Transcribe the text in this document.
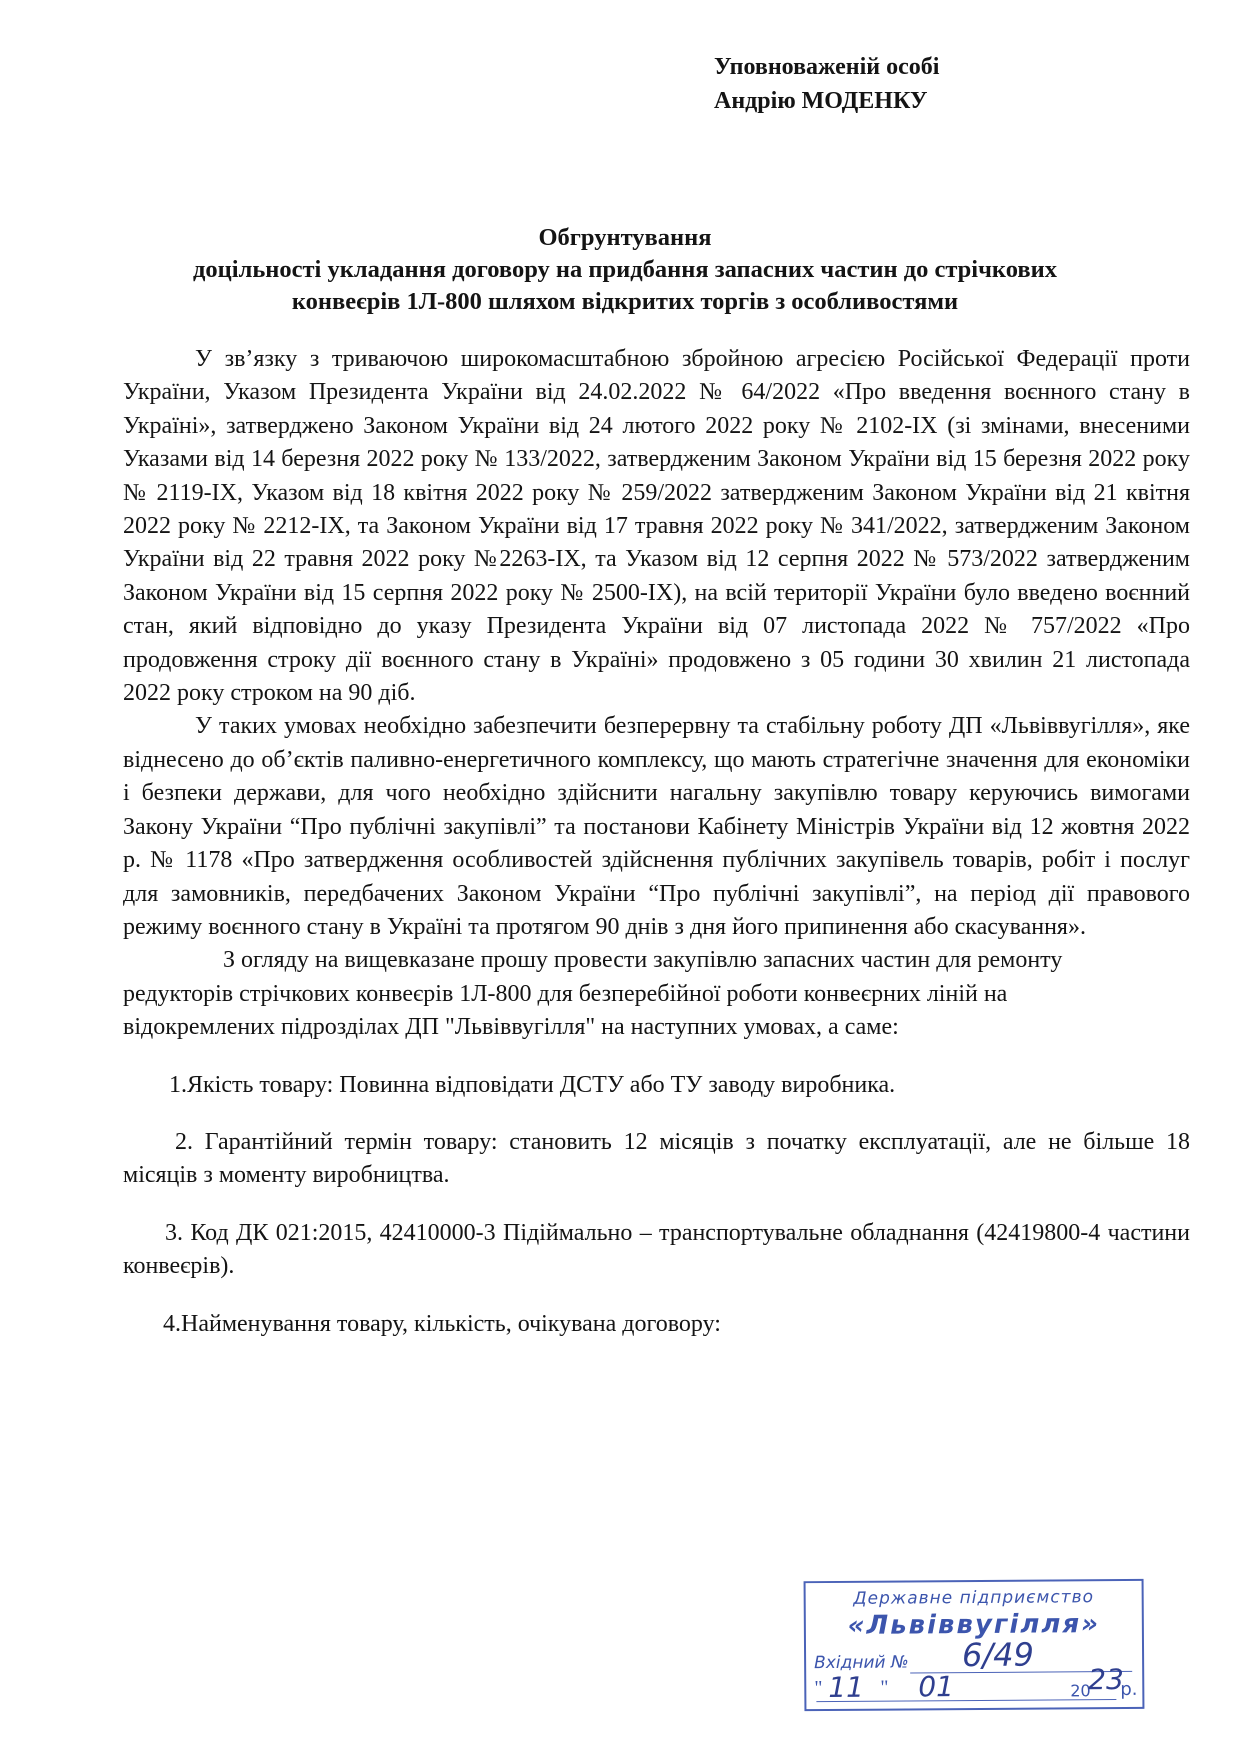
Уповноваженій особі
Андрію МОДЕНКУ
Обгрунтування
доцільності укладання договору на придбання запасних частин до стрічкових
конвеєрів 1Л-800 шляхом відкритих торгів з особливостями

У зв’язку з триваючою широкомасштабною збройною агресією Російської Федерації проти України, Указом Президента України від 24.02.2022 № 64/2022 «Про введення воєнного стану в Україні», затверджено Законом України від 24 лютого 2022 року № 2102-IX (зі змінами, внесеними Указами від 14 березня 2022 року № 133/2022, затвердженим Законом України від 15 березня 2022 року № 2119-IX, Указом від 18 квітня 2022 року № 259/2022 затвердженим Законом України від 21 квітня 2022 року № 2212-IX, та Законом України від 17 травня 2022 року № 341/2022, затвердженим Законом України від 22 травня 2022 року №2263-IX, та Указом від 12 серпня 2022 № 573/2022 затвердженим Законом України від 15 серпня 2022 року № 2500-IX), на всій території України було введено воєнний стан, який відповідно до указу Президента України від 07 листопада 2022 № 757/2022 «Про продовження строку дії воєнного стану в Україні» продовжено з 05 години 30 хвилин 21 листопада 2022 року строком на 90 діб.

У таких умовах необхідно забезпечити безперервну та стабільну роботу ДП «Львіввугілля», яке віднесено до об’єктів паливно-енергетичного комплексу, що мають стратегічне значення для економіки і безпеки держави, для чого необхідно здійснити нагальну закупівлю товару керуючись вимогами Закону України “Про публічні закупівлі” та постанови Кабінету Міністрів України від 12 жовтня 2022 р. № 1178 «Про затвердження особливостей здійснення публічних закупівель товарів, робіт і послуг для замовників, передбачених Законом України “Про публічні закупівлі”, на період дії правового режиму воєнного стану в Україні та протягом 90 днів з дня його припинення або скасування».

З огляду на вищевказане прошу провести закупівлю запасних частин для ремонту редукторів стрічкових конвеєрів 1Л-800 для безперебійної роботи конвеєрних ліній на відокремлених підрозділах ДП "Львіввугілля" на наступних умовах, а саме:

1.Якість товару: Повинна відповідати ДСТУ або ТУ заводу виробника.

2. Гарантійний термін товару: становить 12 місяців з початку експлуатації, але не більше 18 місяців з моменту виробництва.

3. Код ДК 021:2015, 42410000-3 Підіймально – транспортувальне обладнання (42419800-4 частини конвеєрів).

4.Найменування товару, кількість, очікувана договору:

Державне підприємство
«Львіввугілля»
Вхідний № 6/49
" 11 " 01	20
23
р.
